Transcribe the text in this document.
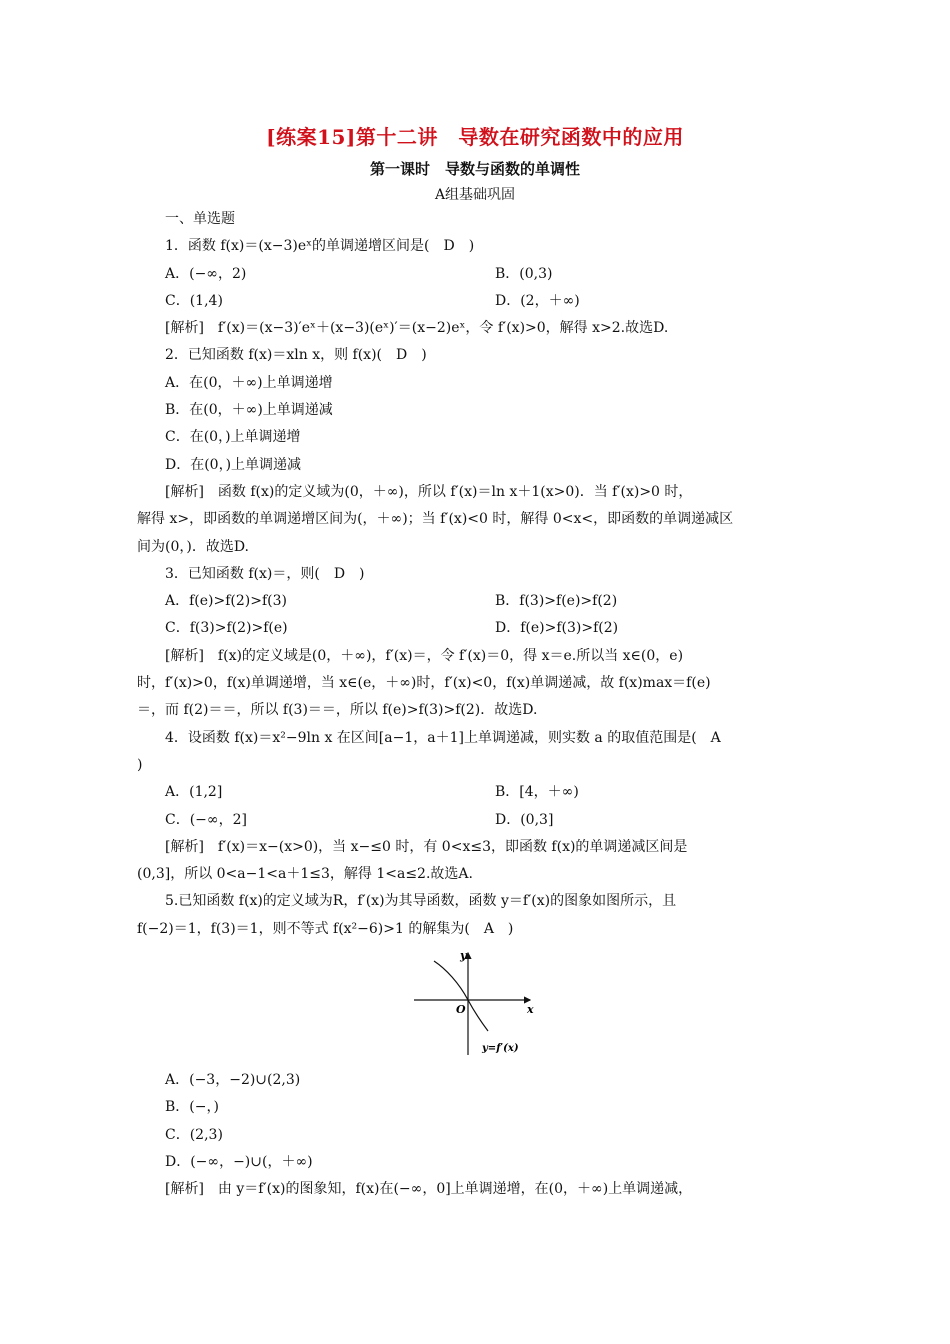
[练案15]第十二讲　导数在研究函数中的应用
第一课时　导数与函数的单调性
A组基础巩固

一、单选题

1．函数 f(x)＝(x−3)eˣ的单调递增区间是(　D　)

A．(−∞，2)	B．(0,3)
C．(1,4)	D．(2，＋∞)

[解析]　f′(x)＝(x−3)′eˣ＋(x−3)(eˣ)′＝(x−2)eˣ，令 f′(x)>0，解得 x>2.故选D.

2．已知函数 f(x)＝xln x，则 f(x)(　D　)

A．在(0，＋∞)上单调递增

B．在(0，＋∞)上单调递减

C．在(0，)上单调递增

D．在(0，)上单调递减

[解析]　函数 f(x)的定义域为(0，＋∞)，所以 f′(x)＝ln x＋1(x>0)．当 f′(x)>0 时，

解得 x>，即函数的单调递增区间为(，＋∞)；当 f′(x)<0 时，解得 0<x<，即函数的单调递减区

间为(0，)．故选D.

3．已知函数 f(x)＝，则(　D　)

A．f(e)>f(2)>f(3)	B．f(3)>f(e)>f(2)
C．f(3)>f(2)>f(e)	D．f(e)>f(3)>f(2)

[解析]　f(x)的定义域是(0，＋∞)，f′(x)＝，令 f′(x)＝0，得 x＝e.所以当 x∈(0，e)

时，f′(x)>0，f(x)单调递增，当 x∈(e，＋∞)时，f′(x)<0，f(x)单调递减，故 f(x)max＝f(e)

＝，而 f(2)＝＝，所以 f(3)＝＝，所以 f(e)>f(3)>f(2)．故选D.

4．设函数 f(x)＝x²−9ln x 在区间[a−1，a＋1]上单调递减，则实数 a 的取值范围是(　A

)

A．(1,2]	B．[4，＋∞)
C．(−∞，2]	D．(0,3]

[解析]　f′(x)＝x−(x>0)，当 x−≤0 时，有 0<x≤3，即函数 f(x)的单调递减区间是

(0,3]，所以 0<a−1<a＋1≤3，解得 1<a≤2.故选A.

5.已知函数 f(x)的定义域为R，f′(x)为其导函数，函数 y＝f′(x)的图象如图所示，且

f(−2)＝1，f(3)＝1，则不等式 f(x²−6)>1 的解集为(　A　)

y
x
O
y=f′(x)

A．(−3，−2)∪(2,3)

B．(−，)

C．(2,3)

D．(−∞，−)∪(，＋∞)

[解析]　由 y＝f′(x)的图象知，f(x)在(−∞，0]上单调递增，在(0，＋∞)上单调递减，
